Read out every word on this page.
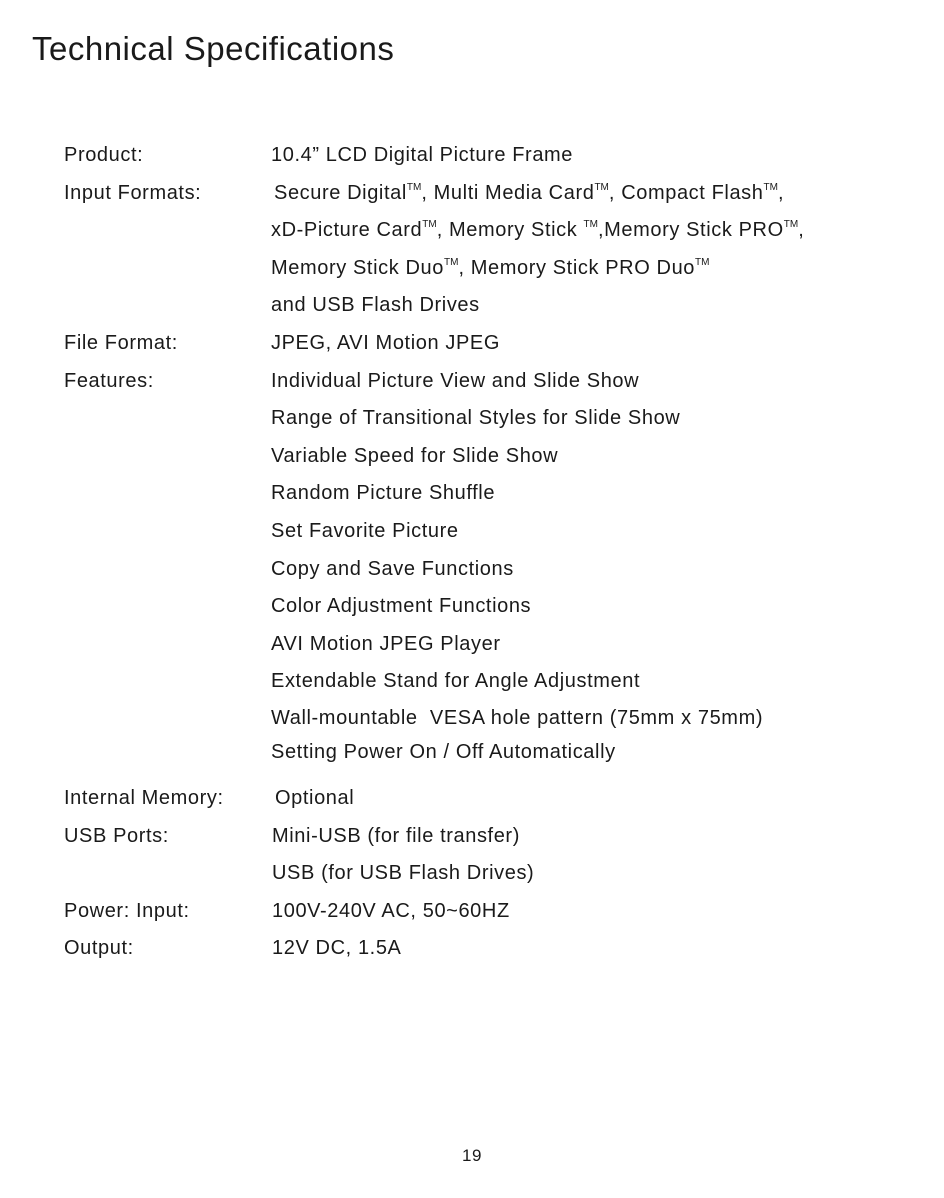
Technical Specifications
Product:	10.4” LCD Digital Picture Frame
Input Formats:	Secure Digital™, Multi Media Card™, Compact Flash™,
xD-Picture Card™, Memory Stick ™,Memory Stick PRO™,
Memory Stick Duo™, Memory Stick PRO Duo™
and USB Flash Drives
File Format:	JPEG, AVI Motion JPEG
Features:	Individual Picture View and Slide Show
Range of Transitional Styles for Slide Show
Variable Speed for Slide Show
Random Picture Shuffle
Set Favorite Picture
Copy and Save Functions
Color Adjustment Functions
AVI Motion JPEG Player
Extendable Stand for Angle Adjustment
Wall-mountable  VESA hole pattern (75mm x 75mm)
Setting Power On / Off Automatically
Internal Memory:	Optional
USB Ports:	Mini-USB (for file transfer)
USB (for USB Flash Drives)
Power: Input:	100V-240V AC, 50~60HZ
Output:	12V DC, 1.5A
19
